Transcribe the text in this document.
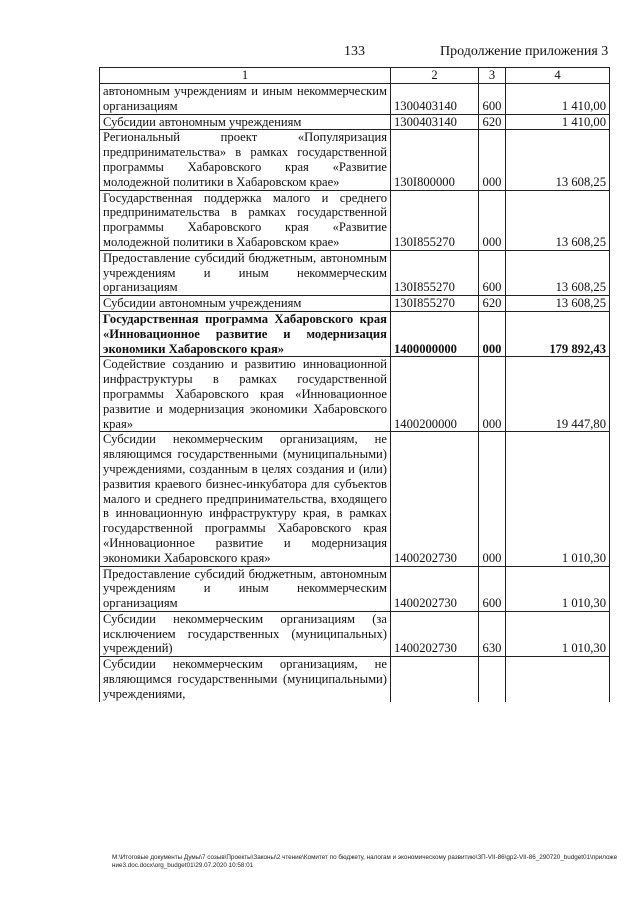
133	Продолжение приложения 3
1	2	3	4
автономным учреждениям и иным некоммерческим организациям	1300403140	600	1 410,00
Субсидии автономным учреждениям	1300403140	620	1 410,00
Региональный проект «Популяризация предпринимательства» в рамках государственной программы Хабаровского края «Развитие молодежной политики в Хабаровском крае»	130I800000	000	13 608,25
Государственная поддержка малого и среднего предпринимательства в рамках государственной программы Хабаровского края «Развитие молодежной политики в Хабаровском крае»	130I855270	000	13 608,25
Предоставление субсидий бюджетным, автономным учреждениям и иным некоммерческим организациям	130I855270	600	13 608,25
Субсидии автономным учреждениям	130I855270	620	13 608,25
Государственная программа Хабаровского края «Инновационное развитие и модернизация экономики Хабаровского края»	1400000000	000	179 892,43
Содействие созданию и развитию инновационной инфраструктуры в рамках государственной программы Хабаровского края «Инновационное развитие и модернизация экономики Хабаровского края»	1400200000	000	19 447,80
Субсидии некоммерческим организациям, не являющимся государственными (муниципальными) учреждениями, созданным в целях создания и (или) развития краевого бизнес-инкубатора для субъектов малого и среднего предпринимательства, входящего в инновационную инфраструктуру края, в рамках государственной программы Хабаровского края «Инновационное развитие и модернизация экономики Хабаровского края»	1400202730	000	1 010,30
Предоставление субсидий бюджетным, автономным учреждениям и иным некоммерческим организациям	1400202730	600	1 010,30
Субсидии некоммерческим организациям (за исключением государственных (муниципальных) учреждений)	1400202730	630	1 010,30
Субсидии некоммерческим организациям, не являющимся государственными (муниципальными) учреждениями,			
M:\Итоговые документы Думы\7 созыв\Проекты\Законы\2 чтение\Комитет по бюджету, налогам и экономическому развитию\ЗП-VII-86\gp2-VII-86_290720_budget01\приложение3.doc.docx\org_budget01\29.07.2020 10:58:01
